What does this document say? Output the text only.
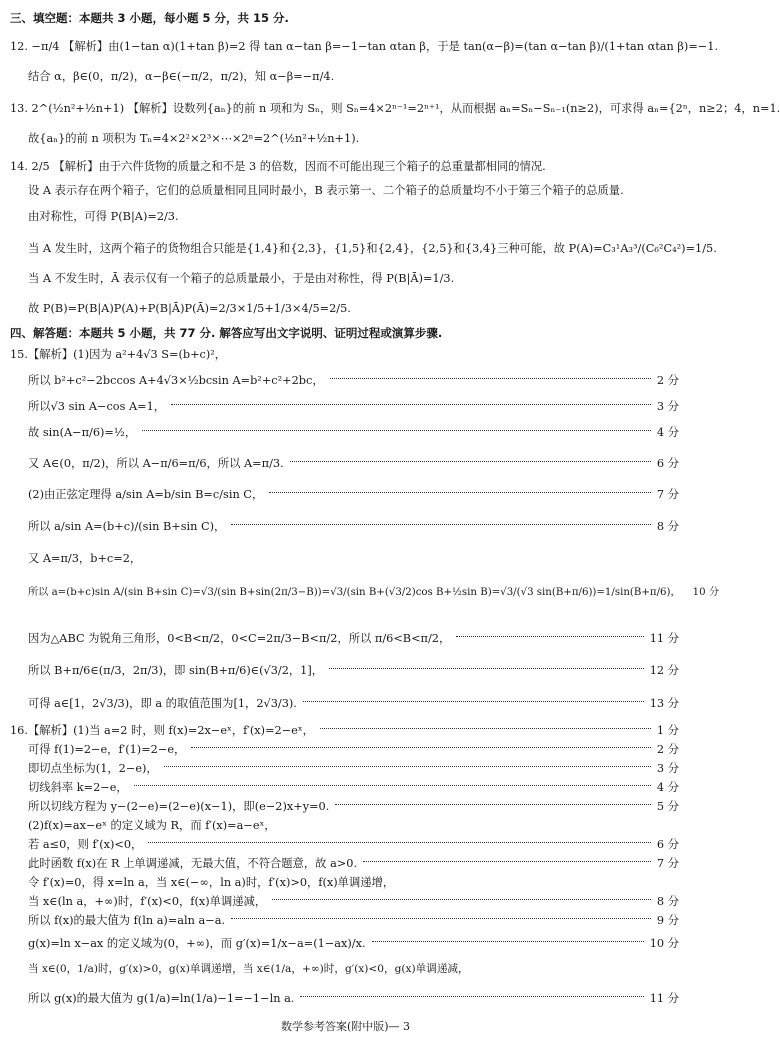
三、填空题：本题共 3 小题，每小题 5 分，共 15 分.
12. −π/4 【解析】由(1−tan α)(1+tan β)=2 得 tan α−tan β=−1−tan αtan β，于是 tan(α−β)=(tan α−tan β)/(1+tan αtan β)=−1.
结合 α，β∈(0，π/2)，α−β∈(−π/2，π/2)，知 α−β=−π/4.
13. 2^(½n²+½n+1) 【解析】设数列{aₙ}的前 n 项和为 Sₙ，则 Sₙ=4×2ⁿ⁻¹=2ⁿ⁺¹，从而根据 aₙ=Sₙ−Sₙ₋₁(n≥2)，可求得 aₙ={2ⁿ，n≥2；4，n=1.
故{aₙ}的前 n 项积为 Tₙ=4×2²×2³×⋯×2ⁿ=2^(½n²+½n+1).
14. 2/5 【解析】由于六件货物的质量之和不是 3 的倍数，因而不可能出现三个箱子的总重量都相同的情况.
设 A 表示存在两个箱子，它们的总质量相同且同时最小，B 表示第一、二个箱子的总质量均不小于第三个箱子的总质量.
由对称性，可得 P(B|A)=2/3.
当 A 发生时，这两个箱子的货物组合只能是{1,4}和{2,3}，{1,5}和{2,4}，{2,5}和{3,4}三种可能，故 P(A)=C₃¹A₃³/(C₆²C₄²)=1/5.
当 A 不发生时，Ā 表示仅有一个箱子的总质量最小，于是由对称性，得 P(B|Ā)=1/3.
故 P(B)=P(B|A)P(A)+P(B|Ā)P(Ā)=2/3×1/5+1/3×4/5=2/5.
四、解答题：本题共 5 小题，共 77 分. 解答应写出文字说明、证明过程或演算步骤.
15.【解析】(1)因为 a²+4√3 S=(b+c)²，
所以 b²+c²−2bccos A+4√3×½bcsin A=b²+c²+2bc，	2 分
所以√3 sin A−cos A=1，	3 分
故 sin(A−π/6)=½，	4 分
又 A∈(0，π/2)，所以 A−π/6=π/6，所以 A=π/3.	6 分
(2)由正弦定理得 a/sin A=b/sin B=c/sin C，	7 分
所以 a/sin A=(b+c)/(sin B+sin C)，	8 分
又 A=π/3，b+c=2，
所以 a=(b+c)sin A/(sin B+sin C)=√3/(sin B+sin(2π/3−B))=√3/(sin B+(√3/2)cos B+½sin B)=√3/(√3 sin(B+π/6))=1/sin(B+π/6)， 10 分
因为△ABC 为锐角三角形，0<B<π/2，0<C=2π/3−B<π/2，所以 π/6<B<π/2，	11 分
所以 B+π/6∈(π/3，2π/3)，即 sin(B+π/6)∈(√3/2，1]，	12 分
可得 a∈[1，2√3/3)，即 a 的取值范围为[1，2√3/3).	13 分
16.【解析】(1)当 a=2 时，则 f(x)=2x−eˣ，f′(x)=2−eˣ，	1 分
可得 f(1)=2−e，f′(1)=2−e，	2 分
即切点坐标为(1，2−e)，	3 分
切线斜率 k=2−e，	4 分
所以切线方程为 y−(2−e)=(2−e)(x−1)，即(e−2)x+y=0.	5 分
(2)f(x)=ax−eˣ 的定义域为 R，而 f′(x)=a−eˣ，
若 a≤0，则 f′(x)<0，	6 分
此时函数 f(x)在 R 上单调递减，无最大值，不符合题意，故 a>0.	7 分
令 f′(x)=0，得 x=ln a，当 x∈(−∞，ln a)时，f′(x)>0，f(x)单调递增，
当 x∈(ln a，+∞)时，f′(x)<0，f(x)单调递减，	8 分
所以 f(x)的最大值为 f(ln a)=aln a−a.	9 分
g(x)=ln x−ax 的定义域为(0，+∞)，而 g′(x)=1/x−a=(1−ax)/x.	10 分
当 x∈(0，1/a)时，g′(x)>0，g(x)单调递增，当 x∈(1/a，+∞)时，g′(x)<0，g(x)单调递减，
所以 g(x)的最大值为 g(1/a)=ln(1/a)−1=−1−ln a.	11 分
数学参考答案(附中版)— 3
